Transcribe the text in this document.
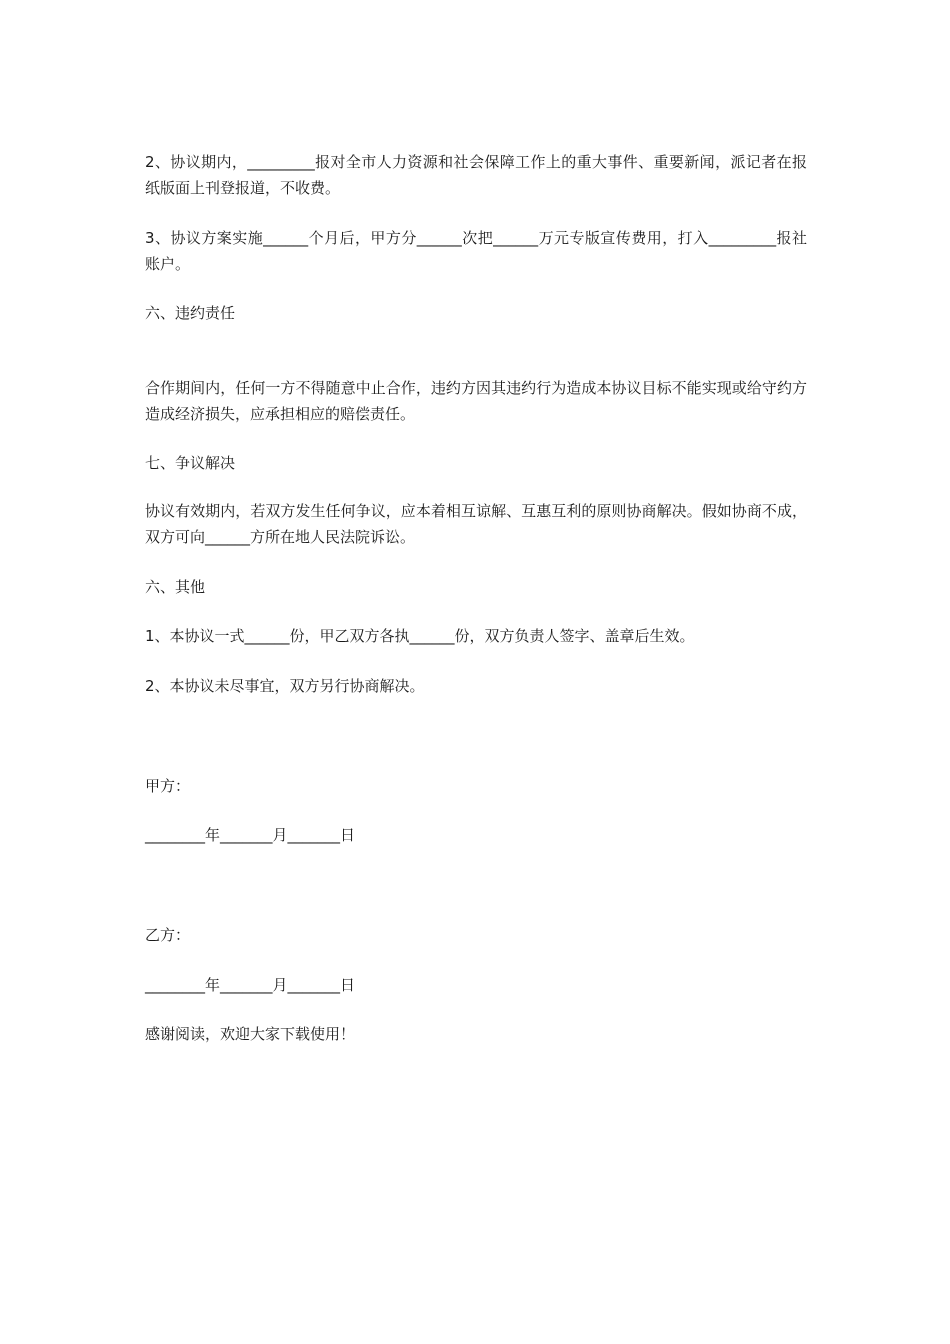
2、协议期内，_________报对全市人力资源和社会保障工作上的重大事件、重要新闻，派记者在报纸版面上刊登报道，不收费。

3、协议方案实施______个月后，甲方分______次把______万元专版宣传费用，打入_________报社账户。

六、违约责任

合作期间内，任何一方不得随意中止合作，违约方因其违约行为造成本协议目标不能实现或给守约方造成经济损失，应承担相应的赔偿责任。

七、争议解决

协议有效期内，若双方发生任何争议，应本着相互谅解、互惠互利的原则协商解决。假如协商不成，双方可向______方所在地人民法院诉讼。

六、其他

1、本协议一式______份，甲乙双方各执______份，双方负责人签字、盖章后生效。

2、本协议未尽事宜，双方另行协商解决。

甲方：

________年_______月_______日

乙方：

________年_______月_______日

感谢阅读，欢迎大家下载使用！
